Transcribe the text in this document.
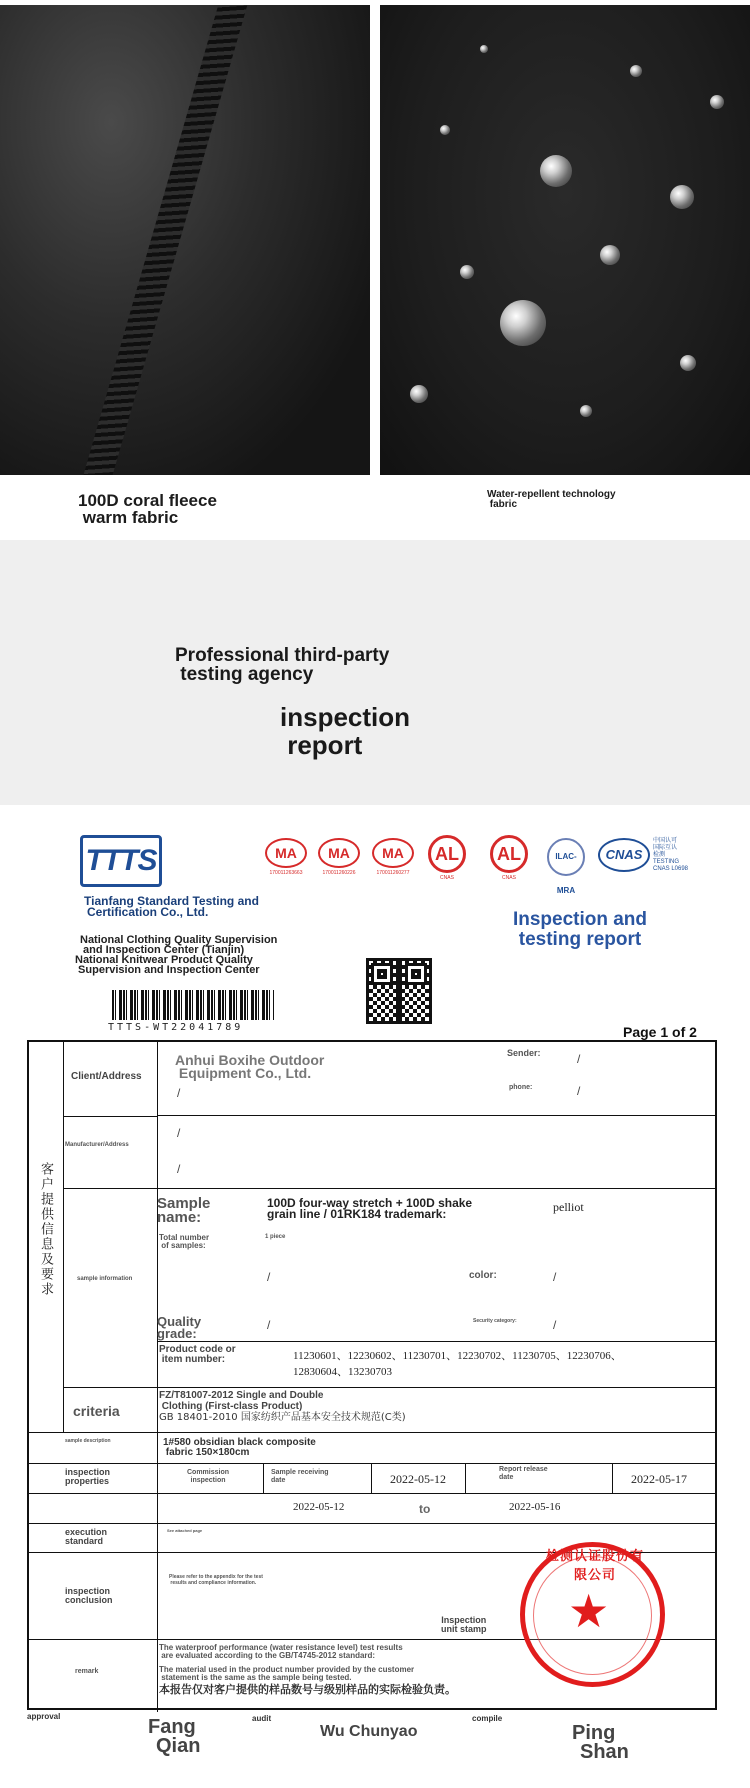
100D coral fleece
warm fabric
Water-repellent technology
fabric
Professional third-party
testing agency
inspection
report
TTTS	MA
170011263663
MA
170011260226
MA
170011260277
AL
CNAS
AL
CNAS
ILAC-MRA
CNAS
中国认可
国际互认
检测
TESTING
CNAS L0698
Tianfang Standard Testing and
Certification Co., Ltd.
National Clothing Quality Supervision
and Inspection Center (Tianjin)
National Knitwear Product Quality
Supervision and Inspection Center
Inspection and
testing report
TTTS-WT22041789	Page 1 of 2
客户提供信息及要求
Client/Address
Anhui Boxihe Outdoor
Equipment Co., Ltd.
Sender:	/
phone:	/
/
Manufacturer/Address
/
/
sample information
Sample
name:
100D four-way stretch + 100D shake
grain line / 01RK184 trademark:	pelliot
Total number
of samples:
1 piece
/	color:	/
Quality
grade:
/	Security category:	/
Product code or
item number:	11230601、12230602、11230701、12230702、11230705、12230706、
12830604、13230703
criteria
FZ/T81007-2012 Single and Double
Clothing (First-class Product)
GB 18401-2010 国家纺织产品基本安全技术规范(C类)
sample description	1#580 obsidian black composite
fabric 150×180cm
inspection
properties
Commission
inspection
Sample receiving
date	2022-05-12
Report release
date	2022-05-17
2022-05-12	to	2022-05-16
execution
standard
See attached page
inspection
conclusion
Please refer to the appendix for the test
results and compliance information.
Inspection
unit stamp
remark
The waterproof performance (water resistance level) test results
are evaluated according to the GB/T4745-2012 standard:
The material used in the product number provided by the customer
statement is the same as the sample being tested.
本报告仅对客户提供的样品数号与级别样品的实际检验负责。
检测认证股份有限公司
★
approval	Fang
Qian
audit
Wu Chunyao
compile
Ping
Shan
